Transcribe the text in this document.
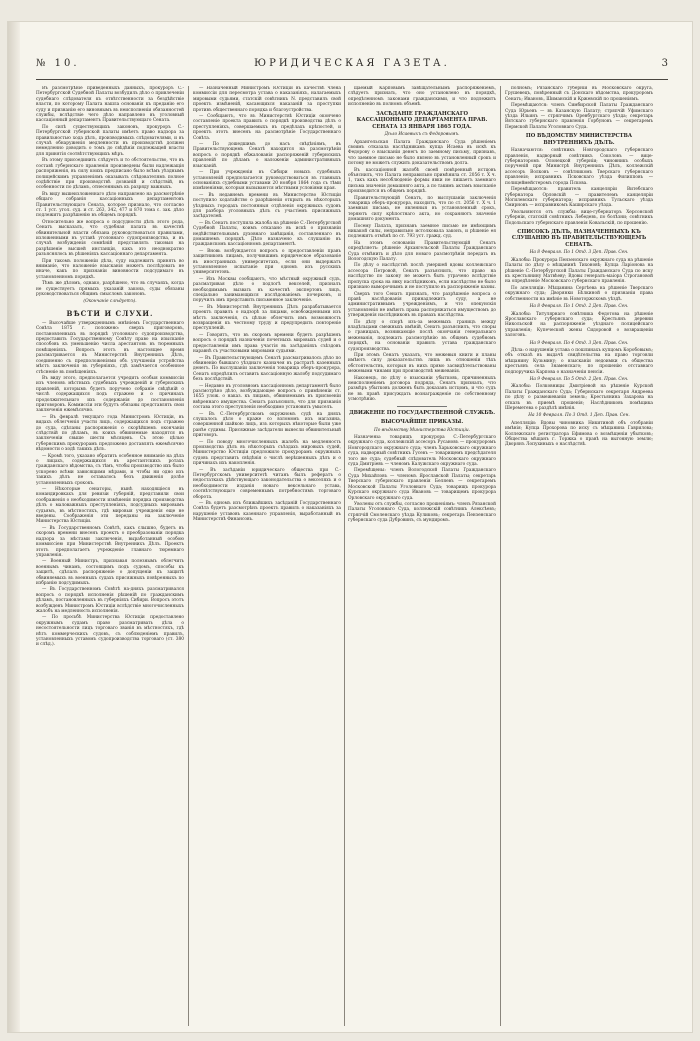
№ 10.	ЮРИДИЧЕСКАЯ ГАЗЕТА.	3

Въ разсмотрѣніе приведенныхъ данныхъ, прокуроръ С.-Петербургской Судебной Палаты возбудилъ дѣло о привлеченіи судебнаго слѣдователя къ отвѣтственности за бездѣйствіе власти, по которому Палата нашла основанія къ преданію его суду и признанію его виновнымъ въ неисполненіи обязанностей службы, вслѣдствіе чего дѣло направлено въ уголовный кассаціонный департаментъ Правительствующаго Сената.

По силѣ существующихъ законовъ, прокуроръ С.-Петербургской губернской палаты имѣетъ право надзора за правильностью хода дѣлъ, производимыхъ слѣдователями, и въ случаѣ обнаруженія медленности въ производствѣ должен немедленно доводить о томъ до свѣдѣнія подлежащей власти для принятія соотвѣтствующихъ мѣръ.

Въ этому присоединить слѣдуетъ и то обстоятельство, что въ составѣ губернскаго правленія произведены были надлежащія распоряженія, въ силу коихъ предписано было всѣмъ уѣзднымъ полицейскимъ управленіямъ оказывать слѣдователямъ полное содѣйствіе при производствѣ дознаній и слѣдствій, въ особенности по дѣламъ, отнесеннымъ къ разряду важныхъ.

Въ виду вышеизложеннаго дѣло направлено на разсмотрѣніе общаго собранія кассаціонныхъ департаментовъ Правительствующаго Сената, которое признало, что согласно ст. 1 уст. угол. суд. и ст. 263, 342, 477 и 870 тома с. зак. дѣло подлежитъ разрѣшенію въ общемъ порядкѣ.

Относительно же вопроса о подсудности дѣлъ этого рода, Сенатъ высказалъ, что судебная палата въ качествѣ обвинительной власти обязана руководствоваться правилами, изложенными въ уставѣ уголовнаго судопроизводства, и въ случаѣ возбужденія сомнѣній представлять таковыя на разрѣшеніе высшей инстанціи, какъ это неоднократно разъяснялось въ рѣшеніяхъ кассаціоннаго департамента.

При такомъ положеніи дѣла, суду надлежитъ принять во вниманіе, что наложеніе взысканія можетъ послѣдовать не иначе, какъ по признаніи виновности подсудимаго въ установленномъ порядкѣ.

Тѣмъ же дѣломъ, однако, разрѣшено, что въ случаяхъ, когда не существуетъ прямыхъ указаній закона, суды обязаны руководствоваться общимъ смысломъ законовъ.

(Окончаніе слѣдуетъ).

ВѢСТИ И СЛУХИ.

— Высочайше утвержденнымъ мнѣніемъ Государственнаго Совѣта 1875 г. положено: сверхъ приговоровъ, постановленныхъ въ порядкѣ уголовнаго судопроизводства, предоставить Государственному Совѣту право на изысканіе способовъ къ уменьшенію числа арестантовъ въ тюремныхъ помѣщеніяхъ. Вопросъ этотъ въ настоящее время разсматривается въ Министерствѣ Внутреннихъ Дѣлъ, соединенно съ предположеніями объ улучшеніи устройства мѣстъ заключенія въ губерніяхъ, гдѣ замѣчается особенное стѣсненіе въ помѣщеніяхъ.

Въ виду этого, предполагается учредить особыя коммиссіи изъ членовъ мѣстныхъ судебныхъ учрежденій и губернскихъ правленій, которымъ будетъ поручено собраніе свѣдѣній о числѣ содержащихся подъ стражею и о причинахъ продолжительнаго ихъ содержанія до постановленія приговоровъ. Коммиссіи эти будутъ обязаны представлять свои заключенія ежемѣсячно.

— Въ февралѣ текущаго года Министромъ Юстиціи, въ видахъ облегченія участи лицъ, содержащихся подъ стражею до суда, сдѣланы распоряженія о скорѣйшемъ окончаніи слѣдствій по дѣламъ, въ коихъ обвиняемые находятся въ заключеніи свыше шести мѣсяцевъ. Съ этою цѣлью губернскимъ прокурорамъ предложено доставлять ежемѣсячно вѣдомости о ходѣ такихъ дѣлъ.

— Кромѣ того, указано обратить особенное вниманіе на дѣла о лицахъ, содержащихся въ арестантскихъ ротахъ гражданскаго вѣдомства, съ тѣмъ, чтобы производство ихъ было ускорено всѣми зависящими мѣрами, и чтобы ни одно изъ такихъ дѣлъ не оставалось безъ движенія долѣе установленныхъ срококъ.

— Нѣкоторые сенаторы, нынѣ находящіеся въ командировкахъ для ревизіи губерній, представили свои соображенія о необходимости измѣненія порядка производства дѣлъ о маловажныхъ преступленіяхъ, подсудныхъ мировымъ судьямъ, въ мѣстностяхъ, гдѣ мировыя учрежденія еще не введены. Соображенія эти переданы на заключеніе Министерства Юстиціи.

— Въ Государственномъ Совѣтѣ, какъ слышно, будетъ въ скоромъ времени внесенъ проектъ о преобразованіи порядка надзора за мѣстами заключенія, выработанный особою коммиссіею при Министерствѣ Внутреннихъ Дѣлъ. Проектъ этотъ предполагаетъ учрежденіе главнаго тюремнаго управленія.

— Военный Министръ, признавая полезнымъ облегчить военнымъ чинамъ, состоящимъ подъ судомъ, способы къ защитѣ, сдѣлалъ распоряженіе о допущеніи къ защитѣ обвиняемыхъ въ военныхъ судахъ присяжныхъ повѣренныхъ по избранію подсудимыхъ.

— Въ Государственномъ Совѣтѣ на-дняхъ разсматривался вопросъ о порядкѣ исполненія рѣшеній по гражданскимъ дѣламъ, постановленныхъ въ губерніяхъ Сибири. Вопросъ этотъ возбужденъ Министромъ Юстиціи вслѣдствіе многочисленныхъ жалобъ на медленность исполненія.

— По просьбѣ Министерства Юстиціи предоставлено окружнымъ судамъ право разсматривать дѣла о несостоятельности лицъ торговаго званія въ мѣстностяхъ, гдѣ нѣтъ коммерческихъ судовъ, съ соблюденіемъ правилъ, установленныхъ уставомъ судопроизводства торговаго (ст. 380 и слѣд.).

— Назначенный Министромъ Юстиціи въ качествѣ члена коммиссіи для пересмотра устава о наказаніяхъ, налагаемыхъ мировыми судьями, статскій совѣтникъ N. представилъ свой проектъ измѣненій, касающихся наказаній за проступки противъ общественнаго порядка и благоустройства.

— Сообщаютъ, что въ Министерствѣ Юстиціи окончено составленіе проекта правилъ о порядкѣ производства дѣлъ о преступленіяхъ, совершаемыхъ въ предѣлахъ крѣпостей, и проектъ этотъ внесенъ на разсмотрѣніе Государственнаго Совѣта.

— По дошедшимъ до насъ свѣдѣніямъ, въ Правительствующемъ Сенатѣ находится на разсмотрѣніи вопросъ о порядкѣ обжалованія распоряженій губернскихъ правленій по дѣламъ о наложеніи административныхъ взысканій.

— При учрежденіи въ Сибири новыхъ судебныхъ установленій предполагается руководствоваться въ главныхъ основаніяхъ судебными уставами 20 ноября 1864 года съ тѣми измѣненіями, которыя вызываются мѣстными условіями края.

— Въ недавнемъ времени въ Министерство Юстиціи поступило ходатайство о разрѣшеніи открыть въ нѣкоторыхъ уѣздныхъ городахъ постоянныя отдѣленія окружныхъ судовъ для разбора уголовныхъ дѣлъ съ участіемъ присяжныхъ засѣдателей.

— Въ Сенатъ поступила жалоба на рѣшеніе С.-Петербургской Судебной Палаты, коимъ отказано въ искѣ о признаніи недѣйствительнымъ духовнаго завѣщанія, составленнаго въ домашнемъ порядкѣ. Дѣло назначено къ слушанію въ гражданскомъ кассаціонномъ департаментѣ.

— Вновь возбуждается вопросъ о предоставленіи правъ защитниковъ лицамъ, получившимъ юридическое образованіе въ иностранныхъ университетахъ, если они выдержатъ установленное испытаніе при одномъ изъ русскихъ университетовъ.

— Изъ Москвы сообщаютъ, что мѣстный окружный судъ, разсматривая дѣло о подлогѣ векселей, призналъ необходимымъ вызвать въ качествѣ экспертовъ лицъ, спеціально занимающихся изслѣдованіемъ почерковъ, и поручилъ имъ представить письменное заключеніе.

— Въ Министерствѣ Внутреннихъ Дѣлъ разрабатывается проектъ правилъ о надзорѣ за лицами, освобожденными изъ мѣстъ заключенія, съ цѣлью облегчить имъ возможность возвращенія къ честному труду и предупредить повтореніе преступленій.

— Говорятъ, что въ скоромъ времени будетъ разрѣшенъ вопросъ о порядкѣ назначенія почетныхъ мировыхъ судей и о предоставленіи имъ права участія въ засѣданіяхъ съѣздовъ наравнѣ съ участковыми мировыми судьями.

— Въ Правительствующемъ Сенатѣ разсматривалось дѣло по обвиненію бывшаго уѣзднаго казначея въ растратѣ казенныхъ денегъ. По выслушаніи заключенія товарища оберъ-прокурора, Сенатъ опредѣлилъ оставить кассаціонную жалобу подсудимаго безъ послѣдствій.

— Недавно въ уголовномъ кассаціонномъ департаментѣ было разсмотрѣно дѣло, возбуждающее вопросъ о примѣненіи ст. 1655 улож. о наказ. къ лицамъ, обвиняемымъ въ присвоеніи ввѣреннаго имущества. Сенатъ разъяснилъ, что для признанія состава этого преступленія необходимо установить умыселъ.

— Въ С.-Петербургскомъ окружномъ судѣ на дняхъ слушалось дѣло о краже со взломомъ изъ магазина, совершенной шайкою лицъ, изъ которыхъ нѣкоторые были уже ранѣе судимы. Присяжные засѣдатели вынесли обвинительный приговоръ.

— По поводу многочисленныхъ жалобъ на медленность производства дѣлъ въ нѣкоторыхъ съѣздахъ мировыхъ судей, Министерство Юстиціи предложило прокурорамъ окружныхъ судовъ представить свѣдѣнія о числѣ нерѣшенныхъ дѣлъ и о причинахъ ихъ накопленія.

— Въ засѣданіи юридическаго общества при С.-Петербургскомъ университетѣ читанъ былъ рефератъ о недостаткахъ дѣйствующаго законодательства о векселяхъ и о необходимости изданія новаго вексельнаго устава, соотвѣтствующаго современнымъ потребностямъ торговаго оборота.

— Въ одномъ изъ ближайшихъ засѣданій Государственнаго Совѣта будетъ разсмотрѣнъ проектъ правилъ о наказаніяхъ за нарушеніе уставовъ казеннаго управленія, выработанный въ Министерствѣ Финансовъ.

щаемый Карповымъ завѣщательнымъ распоряженіемъ, слѣдуетъ признать, что оно установлено въ порядкѣ, опредѣленномъ законами гражданскими, и что подлежитъ исполненію въ полномъ объемѣ.

ЗАСѢДАНІЕ ГРАЖДАНСКАГО КАССАЦІОННАГО ДЕПАРТАМЕНТА ПРАВ. СЕНАТА 13 ЯНВАРЯ 1865 ГОДА.

Дѣло Исаевыхъ съ Федоровымъ.

Архангельская Палата Гражданскаго Суда рѣшеніемъ своимъ отказала наслѣдникамъ купца Исаева въ искѣ къ Федорову о взысканіи денегъ по заемному письму, признавъ, что заемное письмо не было явлено въ установленный срокъ и потому не можетъ служить доказательствомъ долга.

Въ кассаціонной жалобѣ своей повѣренный истцовъ объяснилъ, что Палата неправильно примѣнила ст. 2056 т. X ч. 1, такъ какъ несоблюденіе формы явки не лишаетъ заемнаго письма значенія домашняго акта, а по такимъ актамъ взысканіе производится въ общемъ порядкѣ.

Правительствующій Сенатъ, по выслушаніи заключенія товарища оберъ-прокурора, находитъ, что по ст. 2056 т. X ч. 1 заемныя письма, не явленныя въ установленный срокъ, теряютъ силу крѣпостнаго акта, но сохраняютъ значеніе домашняго документа.

Посему Палата, признавъ заемное письмо не имѣющимъ никакой силы, неправильно истолковала законъ, и рѣшеніе ея подлежитъ отмѣнѣ по ст. 793 уст. гражд. суд.

На этомъ основаніи Правительствующій Сенатъ опредѣляетъ: рѣшеніе Архангельской Палаты Гражданскаго Суда отмѣнить и дѣло для новаго разсмотрѣнія передать въ Вологодскую Палату.

По дѣлу о наслѣдствѣ послѣ умершей вдовы коллежскаго ассесора Петровой, Сенатъ разъяснилъ, что право на наслѣдство по закону не можетъ быть утрачено вслѣдствіе пропуска срока на явку наслѣдниковъ, если наслѣдство не было признано выморочнымъ и не поступило въ распоряженіе казны.

Сверхъ того Сенатъ призналъ, что разрѣшеніе вопроса о правѣ наслѣдованія принадлежитъ суду, а не административнымъ учрежденіямъ, и что опекунскія установленія не имѣютъ права распоряжаться имуществомъ до утвержденія наслѣдниковъ въ правахъ наслѣдства.

По дѣлу о спорѣ изъ-за межевыхъ границъ между владѣльцами смежныхъ имѣній, Сенатъ разъяснилъ, что споры о границахъ, возникающіе послѣ окончанія генеральнаго межеванія, подлежатъ разсмотрѣнію въ общемъ судебномъ порядкѣ, на основаніи правилъ устава гражданскаго судопроизводства.

При этомъ Сенатъ указалъ, что межевыя книги и планы имѣютъ силу доказательствъ лишь въ отношеніи тѣхъ обстоятельствъ, которыя въ нихъ прямо засвидѣтельствованы межевыми чинами при производствѣ межеванія.

Наконецъ, по дѣлу о взысканіи убытковъ, причиненныхъ неисполненіемъ договора подряда, Сенатъ призналъ, что размѣръ убытковъ долженъ быть доказанъ истцомъ, и что судъ не въ правѣ присуждать вознагражденіе по собственному усмотрѣнію.

ДВИЖЕНІЕ ПО ГОСУДАРСТВЕННОЙ СЛУЖБѢ.
ВЫСОЧАЙШІЕ ПРИКАЗЫ.

По вѣдомству Министерства Юстиціи.

Назначены: товарищъ прокурора С.-Петербургскаго окружнаго суда, коллежскій ассесоръ Русановъ — прокуроромъ Новгородскаго окружнаго суда; членъ Харьковскаго окружнаго суда, надворный совѣтникъ Гусевъ — товарищемъ предсѣдателя того же суда; судебный слѣдователь Московскаго окружнаго суда Дмитріевъ — членомъ Калужскаго окружнаго суда.

Перемѣщены: членъ Вологодской Палаты Гражданскаго Суда Михайловъ — членомъ Ярославской Палаты; секретарь Тверскаго губернскаго правленія Беляевъ — секретаремъ Московской Палаты Уголовнаго Суда; товарищъ прокурора Курскаго окружнаго суда Ивановъ — товарищемъ прокурора Орловскаго окружнаго суда.

Уволены отъ службы, согласно прошеніямъ: членъ Рязанской Палаты Уголовнаго Суда, коллежскій совѣтникъ Алексѣевъ; стряпчій Смоленскаго уѣзда Куликовъ; секретарь Пензенскаго губернскаго суда Дубровинъ, съ мундиромъ.

полномъ; Рязанскаго губерніи въ Московскаго округа, Грушевецъ, повѣренный съ Донскаго вѣдомства, прокуроромъ Сенатъ; Ивановъ, Шиманскій и Кржевскій по прошеніямъ.

Перемѣщаются: членъ Симбирской Палаты Гражданскаго Суда Юрьевъ — въ Казанскую Палату; стряпчій Уфимскаго уѣзда Ильинъ — стряпчимъ Оренбургскаго уѣзда; секретарь Вятскаго губернскаго правленія Горбуновъ — секретаремъ Пермской Палаты Уголовнаго Суда.

ПО ВѢДОМСТВУ МИНИСТЕРСТВА ВНУТРЕННИХЪ ДѢЛЪ.

Назначаются: совѣтникъ Новгородскаго губернскаго правленія, надворный совѣтникъ Соколовъ — вице-губернаторомъ Олонецкой губерніи; чиновникъ особыхъ порученій при Министрѣ Внутреннихъ Дѣлъ, коллежскій ассесоръ Волковъ — совѣтникомъ Тверскаго губернскаго правленія; исправникъ Псковскаго уѣзда Филипповъ — полицеймейстеромъ города Пскова.

Перемѣщаются: правитель канцеляріи Витебскаго губернатора Орловскій — правителемъ канцеляріи Могилевскаго губернатора; исправникъ Тульскаго уѣзда Смирновъ — исправникомъ Каширскаго уѣзда.

Увольняются отъ службы: вице-губернаторъ Херсонской губерніи, статскій совѣтникъ Лебедевъ, по болѣзни; совѣтникъ Подольскаго губернскаго правленія Ковальскій, по прошенію.

СПИСОКЪ ДѢЛЪ, НАЗНАЧЕННЫХЪ КЪ СЛУШАНІЮ ВЪ ПРАВИТЕЛЬСТВУЮЩЕМЪ СЕНАТѢ.

На 8 Февраля. По 1 Отд. 3 Деп. Прав. Сен.

Жалобы: Прокурора Пензенскаго окружнаго суда на рѣшеніе Палаты по дѣлу о мѣщанинѣ Тихоновѣ; Купца Ларіонова на рѣшеніе С.-Петербургской Палаты Гражданскаго Суда по иску къ крестьянину Матвѣеву; Вдовы генералъ-маіора Строгановой на опредѣленіе Московскаго губернскаго правленія.

По апелляціи: Мѣщанина Сергѣева на рѣшеніе Тверскаго окружнаго суда; Дворянки Бѣлкиной о признаніи права собственности на имѣніе въ Новоторжскомъ уѣздѣ.

На 8 Февраля. По 1 Отд. 2 Деп. Прав. Сен.

Жалобы: Титулярнаго совѣтника Федотова на рѣшеніе Ярославскаго губернскаго суда; Крестьянъ деревни Никольской на распоряженіе уѣзднаго полицейскаго управленія; Купеческой жены Сидоровой о возвращеніи залоговъ.

На 9 Февраля. По 4 Отд. 3 Деп. Прав. Сен.

Дѣла: о нарушеніи устава о пошлинахъ купцомъ Коробовымъ; объ отказѣ въ выдачѣ свидѣтельства на право торговли мѣщанину Кузьмину; о взысканіи недоимки съ общества крестьянъ села Знаменскаго; по прошенію отставнаго подпоручика Карпова о назначеніи пенсіи.

На 9 Февраля. По 5 Отд. 2 Деп. Прав. Сен.

Жалобы: Полковницы Дмитріевой на рѣшеніе Курской Палаты Гражданскаго Суда; Губернскаго секретаря Андреева по дѣлу о размежеваніи земель; Крестьянина Захарова на отказъ въ приемѣ прошенія; Наслѣдниковъ помѣщика Шереметева о раздѣлѣ имѣнія.

На 10 Февраля. По 3 Отд. 1 Деп. Прав. Сен.

Апелляціи: Вдовы чиновника Никитиной объ отобраніи имѣнія; Купца Прохорова по иску съ мѣщанина Гаврилова; Коллежскаго регистратора Ефимова о возмѣщеніи убытковъ; Общества мѣщанъ г. Торжка о правѣ на выгонную землю; Дворянъ Лопухиныхъ о наслѣдствѣ.
